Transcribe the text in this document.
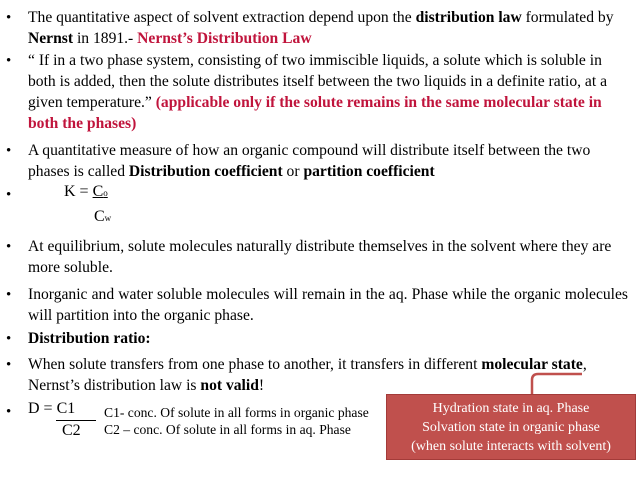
• The quantitative aspect of solvent extraction depend upon the distribution law formulated by Nernst in 1891.- Nernst’s Distribution Law
• “ If in a two phase system, consisting of two immiscible liquids, a solute which is soluble in both is added, then the solute distributes itself between the two liquids in a definite ratio, at a given temperature.” (applicable only if the solute remains in the same molecular state in both the phases)
• A quantitative measure of how an organic compound will distribute itself between the two phases is called Distribution coefficient or partition coefficient
•	K = Co
Cw
• At equilibrium, solute molecules naturally distribute themselves in the solvent where they are more soluble.
• Inorganic and water soluble molecules will remain in the aq. Phase while the organic molecules will partition into the organic phase.
• Distribution ratio:
• When solute transfers from one phase to another, it transfers in different molecular state, Nernst’s distribution law is not valid!
• D = C1
C2
C1- conc. Of solute in all forms in organic phase
C2 – conc. Of solute in all forms in aq. Phase
Hydration state in aq. Phase
Solvation state in organic phase
(when solute interacts with solvent)
